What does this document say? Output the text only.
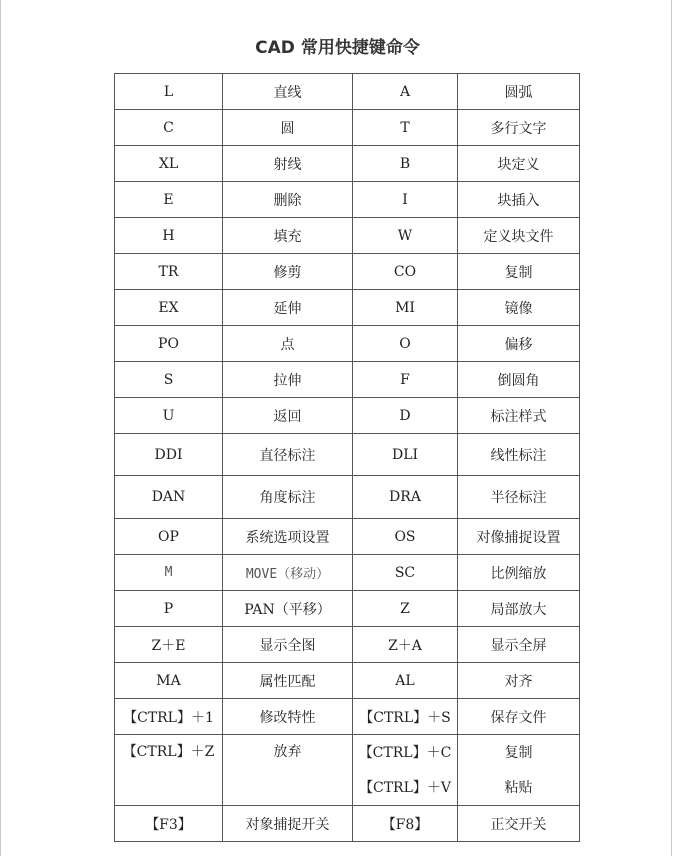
CAD 常用快捷键命令
L	直线	A	圆弧
C	圆	T	多行文字
XL	射线	B	块定义
E	删除	I	块插入
H	填充	W	定义块文件
TR	修剪	CO	复制
EX	延伸	MI	镜像
PO	点	O	偏移
S	拉伸	F	倒圆角
U	返回	D	标注样式
DDI	直径标注	DLI	线性标注
DAN	角度标注	DRA	半径标注
OP	系统选项设置	OS	对像捕捉设置
M	MOVE（移动）	SC	比例缩放
P	PAN（平移）	Z	局部放大
Z＋E	显示全图	Z＋A	显示全屏
MA	属性匹配	AL	对齐
【CTRL】＋1	修改特性	【CTRL】＋S	保存文件
【CTRL】＋Z	放弃	【CTRL】＋C	复制
		【CTRL】＋V	粘贴
【F3】	对象捕捉开关	【F8】	正交开关
